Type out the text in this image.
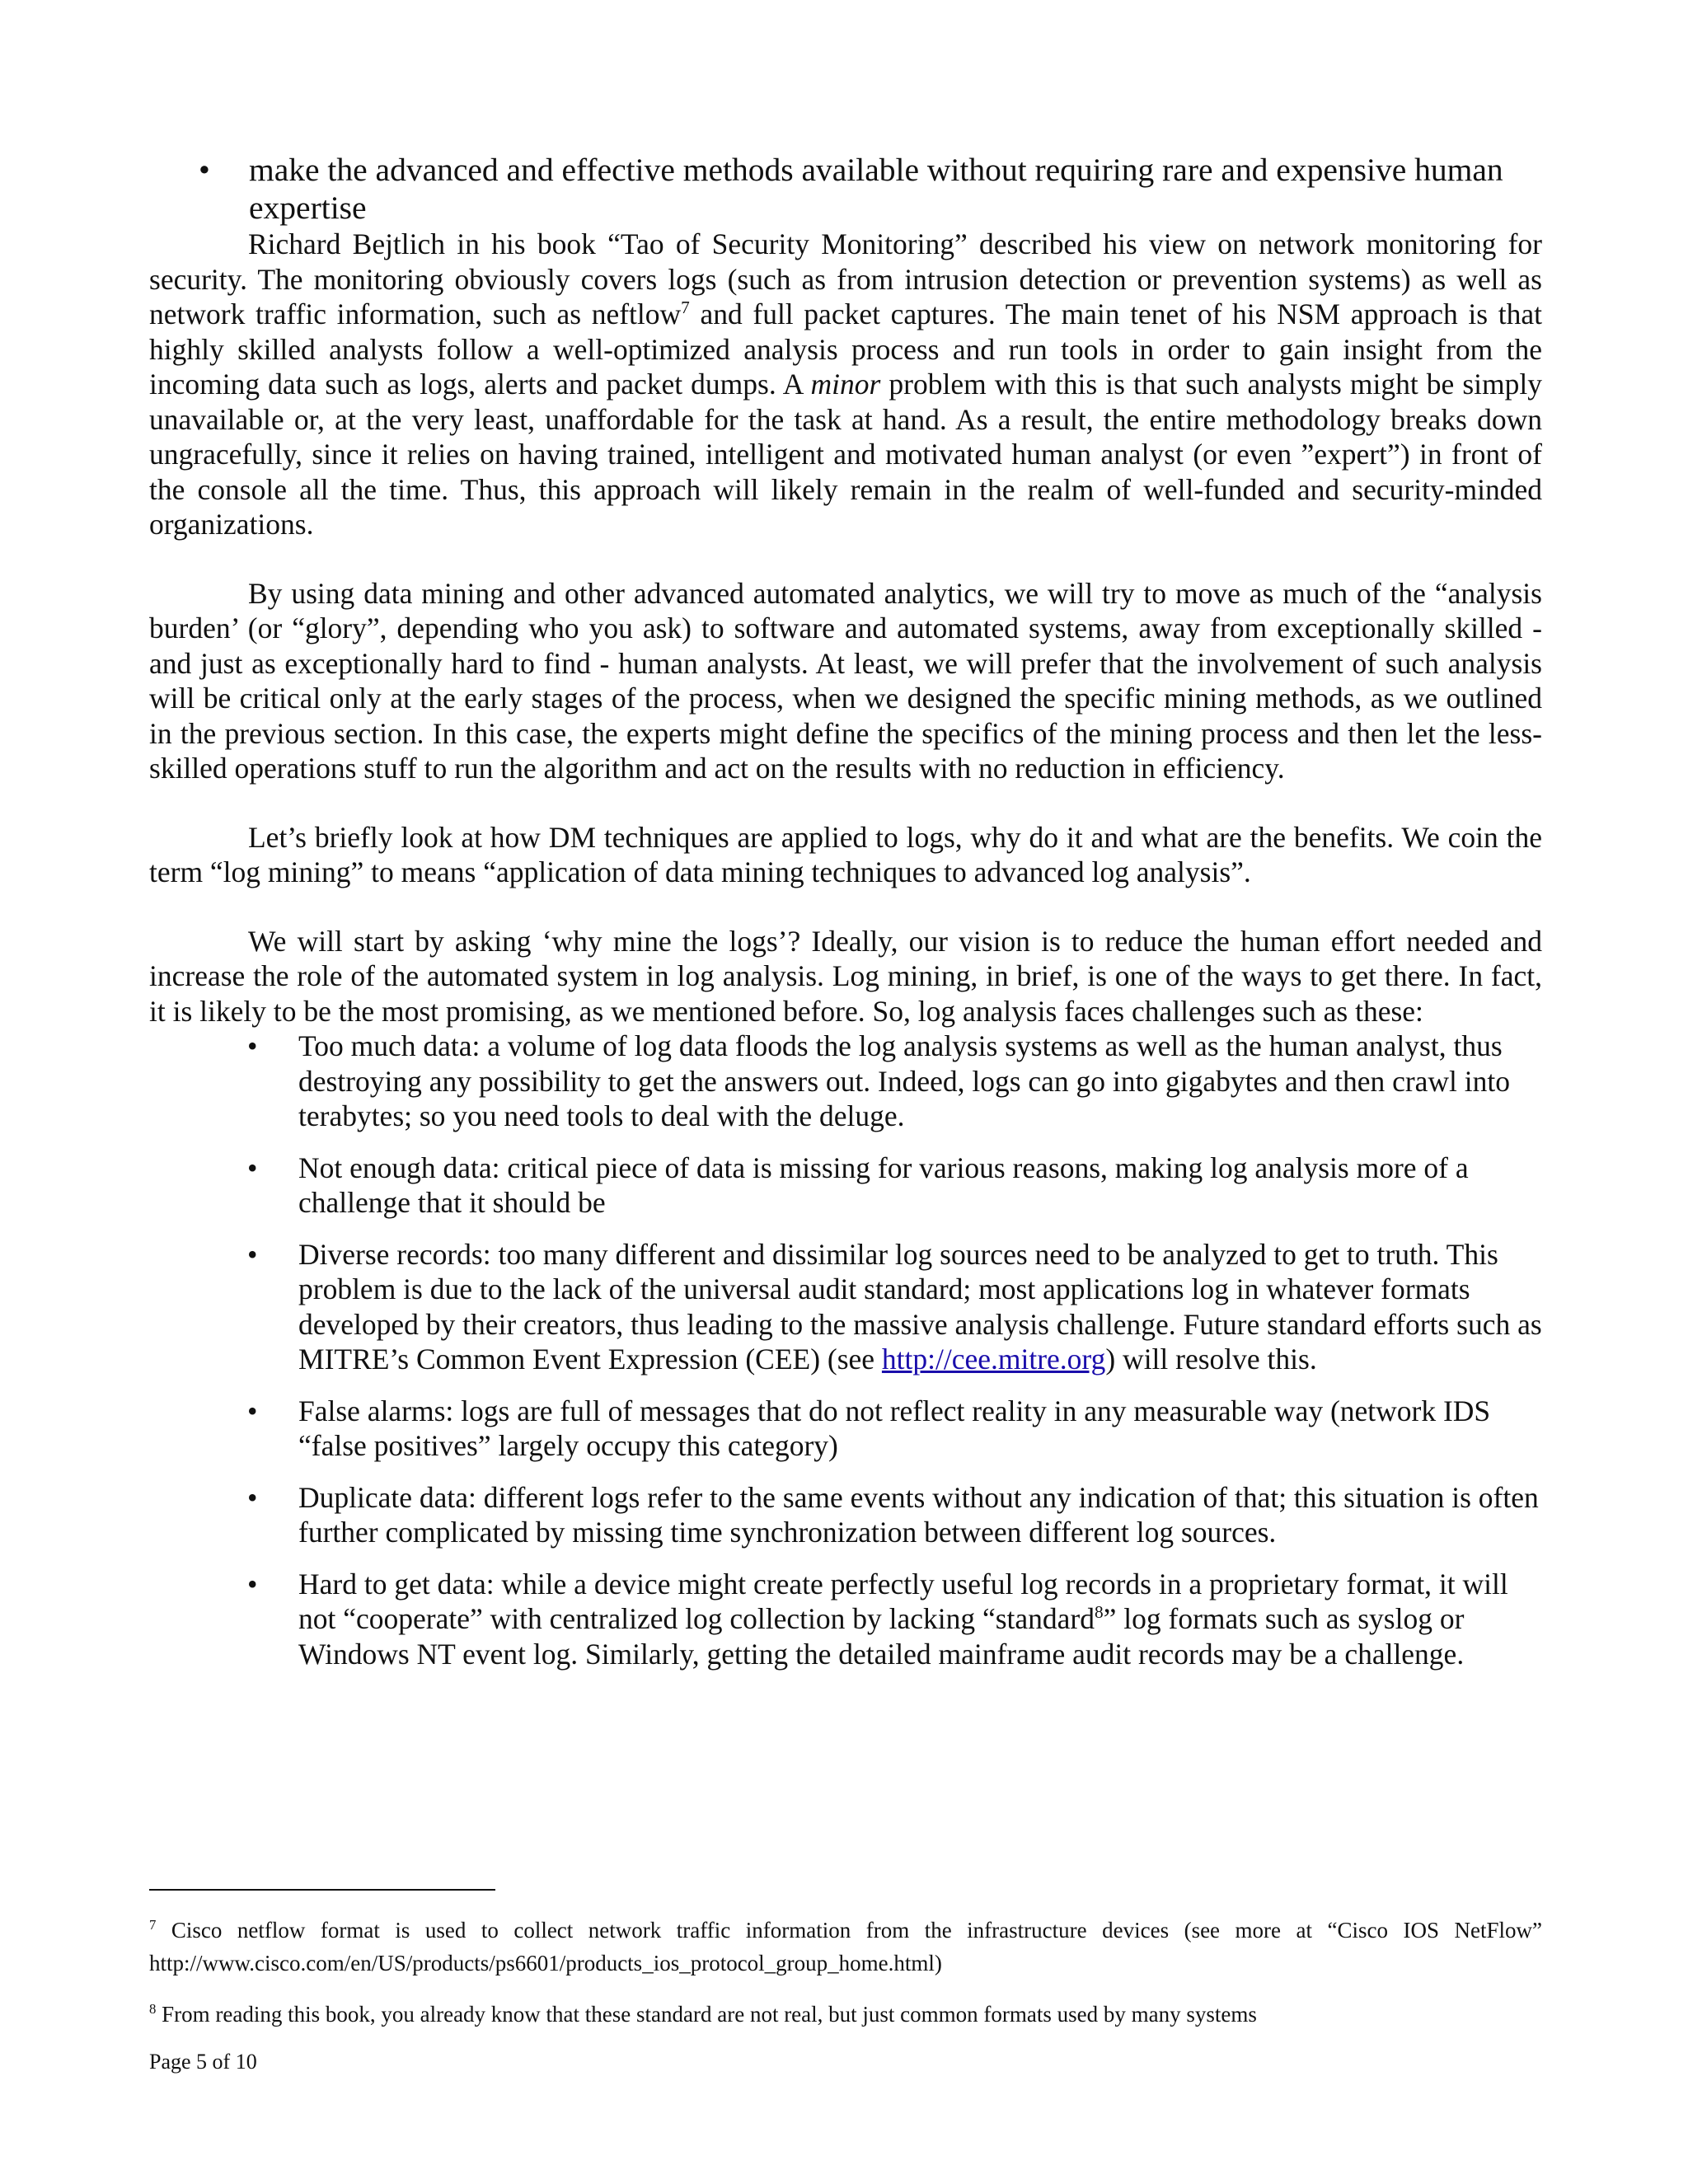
• make the advanced and effective methods available without requiring rare and expensive human expertise

Richard Bejtlich in his book “Tao of Security Monitoring” described his view on network monitoring for security. The monitoring obviously covers logs (such as from intrusion detection or prevention systems) as well as network traffic information, such as neftlow$^7$ and full packet captures. The main tenet of his NSM approach is that highly skilled analysts follow a well-optimized analysis process and run tools in order to gain insight from the incoming data such as logs, alerts and packet dumps. A minor problem with this is that such analysts might be simply unavailable or, at the very least, unaffordable for the task at hand. As a result, the entire methodology breaks down ungracefully, since it relies on having trained, intelligent and motivated human analyst (or even ”expert”) in front of the console all the time. Thus, this approach will likely remain in the realm of well-funded and security-minded organizations.

By using data mining and other advanced automated analytics, we will try to move as much of the “analysis burden’ (or “glory”, depending who you ask) to software and automated systems, away from exceptionally skilled - and just as exceptionally hard to find - human analysts. At least, we will prefer that the involvement of such analysis will be critical only at the early stages of the process, when we designed the specific mining methods, as we outlined in the previous section. In this case, the experts might define the specifics of the mining process and then let the less-skilled operations stuff to run the algorithm and act on the results with no reduction in efficiency.

Let’s briefly look at how DM techniques are applied to logs, why do it and what are the benefits. We coin the term “log mining” to means “application of data mining techniques to advanced log analysis”.

We will start by asking ‘why mine the logs’? Ideally, our vision is to reduce the human effort needed and increase the role of the automated system in log analysis. Log mining, in brief, is one of the ways to get there. In fact, it is likely to be the most promising, as we mentioned before. So, log analysis faces challenges such as these:

• Too much data: a volume of log data floods the log analysis systems as well as the human analyst, thus destroying any possibility to get the answers out. Indeed, logs can go into gigabytes and then crawl into terabytes; so you need tools to deal with the deluge.
• Not enough data: critical piece of data is missing for various reasons, making log analysis more of a challenge that it should be
• Diverse records: too many different and dissimilar log sources need to be analyzed to get to truth. This problem is due to the lack of the universal audit standard; most applications log in whatever formats developed by their creators, thus leading to the massive analysis challenge. Future standard efforts such as MITRE’s Common Event Expression (CEE) (see http://cee.mitre.org) will resolve this.
• False alarms: logs are full of messages that do not reflect reality in any measurable way (network IDS “false positives” largely occupy this category)
• Duplicate data: different logs refer to the same events without any indication of that; this situation is often further complicated by missing time synchronization between different log sources.
• Hard to get data: while a device might create perfectly useful log records in a proprietary format, it will not “cooperate” with centralized log collection by lacking “standard$^8$” log formats such as syslog or Windows NT event log. Similarly, getting the detailed mainframe audit records may be a challenge.
$^7$ Cisco netflow format is used to collect network traffic information from the infrastructure devices (see more at “Cisco IOS NetFlow” http://www.cisco.com/en/US/products/ps6601/products_ios_protocol_group_home.html)
$^8$ From reading this book, you already know that these standard are not real, but just common formats used by many systems
Page 5 of 10
